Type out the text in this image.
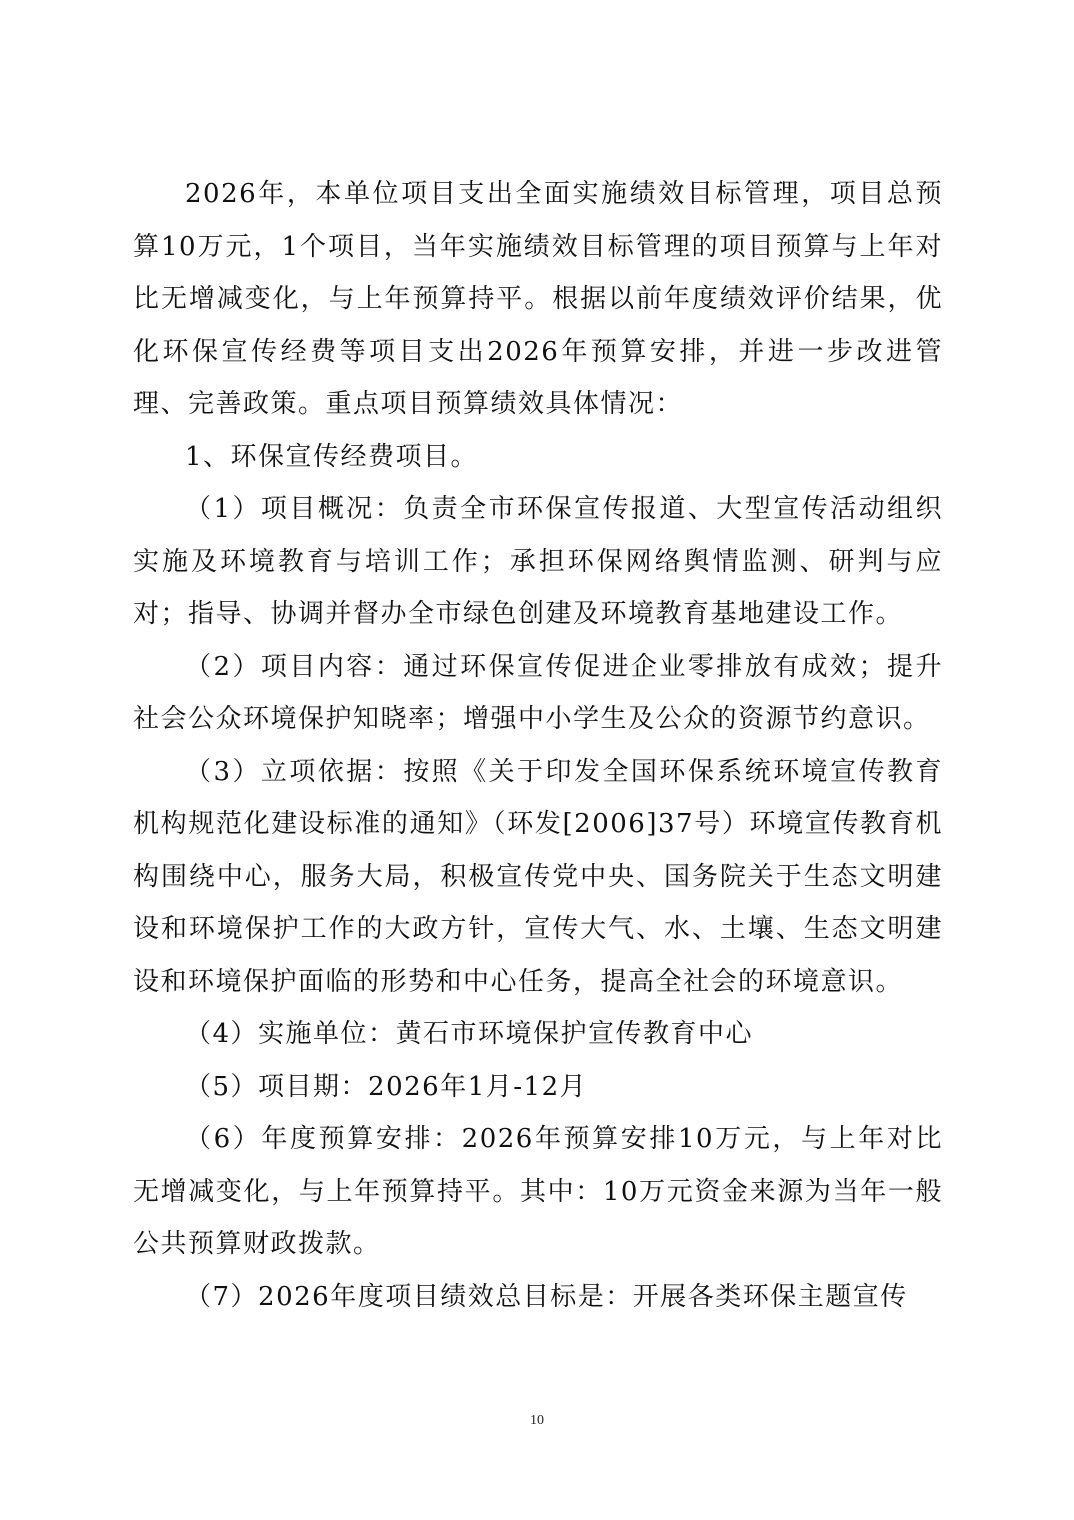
2026年，本单位项目支出全面实施绩效目标管理，项目总预算10万元，1个项目，当年实施绩效目标管理的项目预算与上年对比无增减变化，与上年预算持平。根据以前年度绩效评价结果，优化环保宣传经费等项目支出2026年预算安排，并进一步改进管理、完善政策。重点项目预算绩效具体情况：

1、环保宣传经费项目。

（1）项目概况：负责全市环保宣传报道、大型宣传活动组织实施及环境教育与培训工作；承担环保网络舆情监测、研判与应对；指导、协调并督办全市绿色创建及环境教育基地建设工作。

（2）项目内容：通过环保宣传促进企业零排放有成效；提升社会公众环境保护知晓率；增强中小学生及公众的资源节约意识。

（3）立项依据：按照《关于印发全国环保系统环境宣传教育机构规范化建设标准的通知》（环发[2006]37号）环境宣传教育机构围绕中心，服务大局，积极宣传党中央、国务院关于生态文明建设和环境保护工作的大政方针，宣传大气、水、土壤、生态文明建设和环境保护面临的形势和中心任务，提高全社会的环境意识。

（4）实施单位：黄石市环境保护宣传教育中心

（5）项目期：2026年1月-12月

（6）年度预算安排：2026年预算安排10万元，与上年对比无增减变化，与上年预算持平。其中：10万元资金来源为当年一般公共预算财政拨款。

（7）2026年度项目绩效总目标是：开展各类环保主题宣传

10
